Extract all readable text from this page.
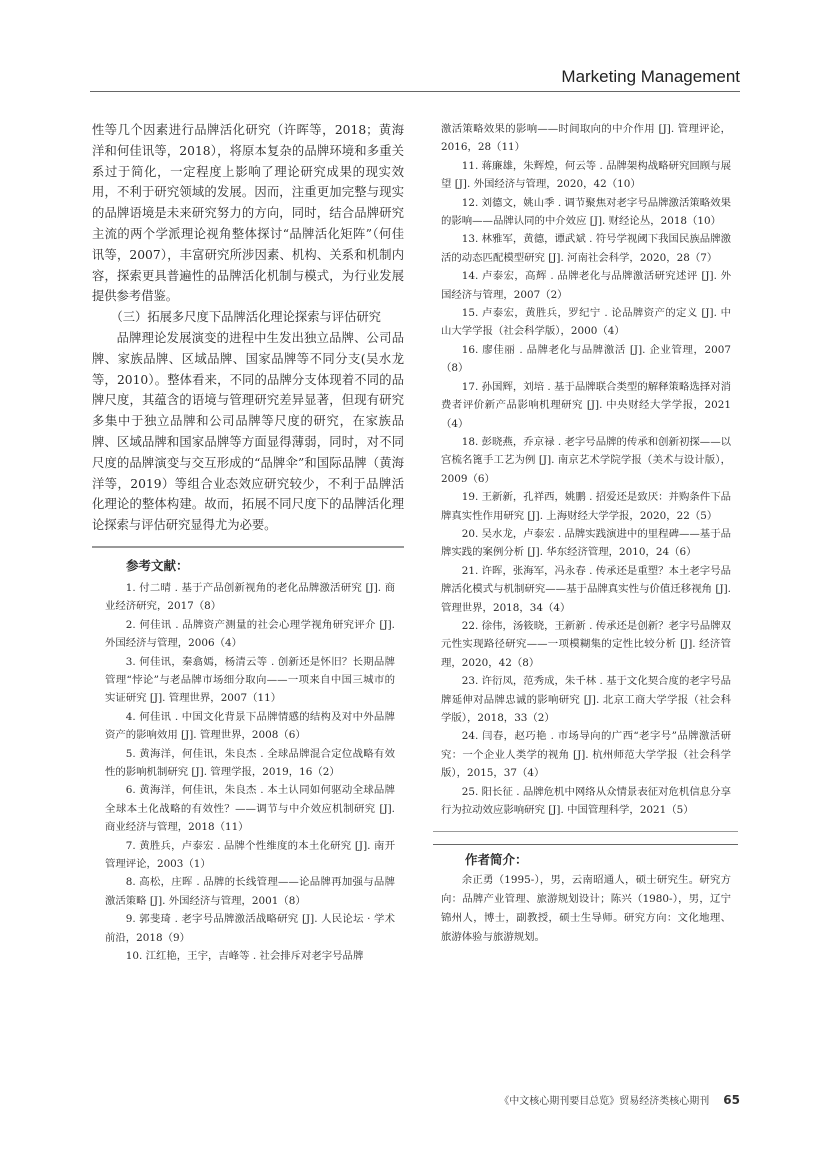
Marketing Management

性等几个因素进行品牌活化研究（许晖等，2018；黄海洋和何佳讯等，2018），将原本复杂的品牌环境和多重关系过于简化，一定程度上影响了理论研究成果的现实效用，不利于研究领域的发展。因而，注重更加完整与现实的品牌语境是未来研究努力的方向，同时，结合品牌研究主流的两个学派理论视角整体探讨“品牌活化矩阵”（何佳讯等，2007），丰富研究所涉因素、机构、关系和机制内容，探索更具普遍性的品牌活化机制与模式，为行业发展提供参考借鉴。

（三）拓展多尺度下品牌活化理论探索与评估研究

品牌理论发展演变的进程中生发出独立品牌、公司品牌、家族品牌、区域品牌、国家品牌等不同分支(吴水龙等，2010）。整体看来，不同的品牌分支体现着不同的品牌尺度，其蕴含的语境与管理研究差异显著，但现有研究多集中于独立品牌和公司品牌等尺度的研究，在家族品牌、区域品牌和国家品牌等方面显得薄弱，同时，对不同尺度的品牌演变与交互形成的“品牌伞”和国际品牌（黄海洋等，2019）等组合业态效应研究较少，不利于品牌活化理论的整体构建。故而，拓展不同尺度下的品牌活化理论探索与评估研究显得尤为必要。

参考文献：

1. 付二晴 . 基于产品创新视角的老化品牌激活研究 [J]. 商业经济研究，2017（8）

2. 何佳讯 . 品牌资产测量的社会心理学视角研究评介 [J]. 外国经济与管理，2006（4）

3. 何佳讯，秦翕嫣，杨清云等 . 创新还是怀旧？长期品牌管理“悖论”与老品牌市场细分取向——一项来自中国三城市的实证研究 [J]. 管理世界，2007（11）

4. 何佳讯 . 中国文化背景下品牌情感的结构及对中外品牌资产的影响效用 [J]. 管理世界，2008（6）

5. 黄海洋，何佳讯，朱良杰 . 全球品牌混合定位战略有效性的影响机制研究 [J]. 管理学报，2019，16（2）

6. 黄海洋，何佳讯，朱良杰 . 本土认同如何驱动全球品牌全球本土化战略的有效性？——调节与中介效应机制研究 [J]. 商业经济与管理，2018（11）

7. 黄胜兵，卢泰宏 . 品牌个性维度的本土化研究 [J]. 南开管理评论，2003（1）

8. 高松，庄晖 . 品牌的长线管理——论品牌再加强与品牌激活策略 [J]. 外国经济与管理，2001（8）

9. 郭斐琦 . 老字号品牌激活战略研究 [J]. 人民论坛 · 学术前沿，2018（9）

10. 江红艳，王宇，吉峰等 . 社会排斥对老字号品牌

激活策略效果的影响——时间取向的中介作用 [J]. 管理评论，2016，28（11）

11. 蒋廉雄，朱辉煌，何云等 . 品牌架构战略研究回顾与展望 [J]. 外国经济与管理，2020，42（10）

12. 刘德文，姚山季 . 调节聚焦对老字号品牌激活策略效果的影响——品牌认同的中介效应 [J]. 财经论丛，2018（10）

13. 林雅军，黄德，谭武斌 . 符号学视阈下我国民族品牌激活的动态匹配模型研究 [J]. 河南社会科学，2020，28（7）

14. 卢泰宏，高辉 . 品牌老化与品牌激活研究述评 [J]. 外国经济与管理，2007（2）

15. 卢泰宏，黄胜兵，罗纪宁 . 论品牌资产的定义 [J]. 中山大学学报（社会科学版），2000（4）

16. 廖佳丽 . 品牌老化与品牌激活 [J]. 企业管理，2007（8）

17. 孙国辉，刘培 . 基于品牌联合类型的解释策略选择对消费者评价新产品影响机理研究 [J]. 中央财经大学学报，2021（4）

18. 彭晓燕，乔京禄 . 老字号品牌的传承和创新初探——以宫梳名篦手工艺为例 [J]. 南京艺术学院学报（美术与设计版），2009（6）

19. 王新新，孔祥西，姚鹏 . 招爱还是致厌：并购条件下品牌真实性作用研究 [J]. 上海财经大学学报，2020，22（5）

20. 吴水龙，卢泰宏 . 品牌实践演进中的里程碑——基于品牌实践的案例分析 [J]. 华东经济管理，2010，24（6）

21. 许晖，张海军，冯永春 . 传承还是重塑？本土老字号品牌活化模式与机制研究——基于品牌真实性与价值迁移视角 [J]. 管理世界，2018，34（4）

22. 徐伟，汤筱晓，王新新 . 传承还是创新？老字号品牌双元性实现路径研究——一项模糊集的定性比较分析 [J]. 经济管理，2020，42（8）

23. 许衍凤，范秀成，朱千林 . 基于文化契合度的老字号品牌延伸对品牌忠诚的影响研究 [J]. 北京工商大学学报（社会科学版），2018，33（2）

24. 闫春，赵巧艳 . 市场导向的广西“老字号”品牌激活研究：一个企业人类学的视角 [J]. 杭州师范大学学报（社会科学版），2015，37（4）

25. 阳长征 . 品牌危机中网络从众情景表征对危机信息分享行为拉动效应影响研究 [J]. 中国管理科学，2021（5）

作者简介：

余正勇（1995-），男，云南昭通人，硕士研究生。研究方向：品牌产业管理、旅游规划设计；陈兴（1980-），男，辽宁锦州人，博士，副教授，硕士生导师。研究方向：文化地理、旅游体验与旅游规划。

《中文核心期刊要目总览》贸易经济类核心期刊 65
